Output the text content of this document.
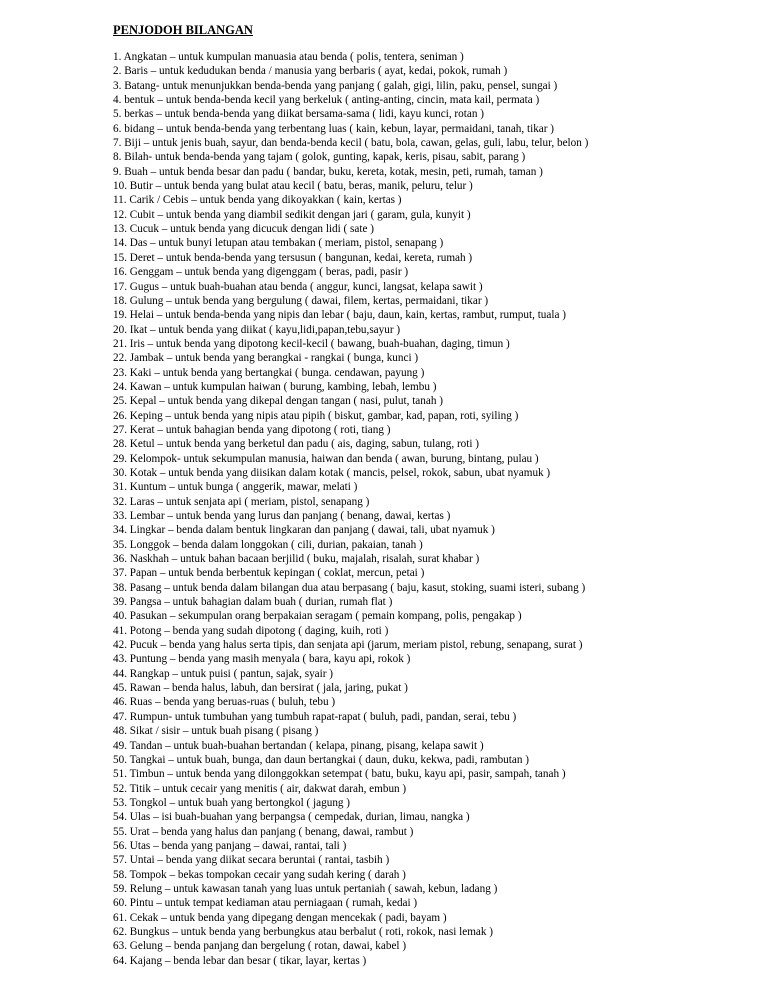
PENJODOH BILANGAN
1. Angkatan – untuk kumpulan manuasia atau benda ( polis, tentera, seniman )
2. Baris – untuk kedudukan benda / manusia yang berbaris ( ayat, kedai, pokok, rumah )
3. Batang- untuk menunjukkan benda-benda yang panjang ( galah, gigi, lilin, paku, pensel, sungai )
4. bentuk – untuk benda-benda kecil yang berkeluk ( anting-anting, cincin, mata kail, permata )
5. berkas – untuk benda-benda yang diikat bersama-sama ( lidi, kayu kunci, rotan )
6. bidang – untuk benda-benda yang terbentang luas ( kain, kebun, layar, permaidani, tanah, tikar )
7. Biji – untuk jenis buah, sayur, dan benda-benda kecil ( batu, bola, cawan, gelas, guli, labu, telur, belon )
8. Bilah- untuk benda-benda yang tajam ( golok, gunting, kapak, keris, pisau, sabit, parang )
9. Buah – untuk benda besar dan padu ( bandar, buku, kereta, kotak, mesin, peti, rumah, taman )
10. Butir – untuk benda yang bulat atau kecil ( batu, beras, manik, peluru, telur )
11. Carik / Cebis – untuk benda yang dikoyakkan ( kain, kertas )
12. Cubit – untuk benda yang diambil sedikit dengan jari ( garam, gula, kunyit )
13. Cucuk – untuk benda yang dicucuk dengan lidi ( sate )
14. Das – untuk bunyi letupan atau tembakan ( meriam, pistol, senapang )
15. Deret – untuk benda-benda yang tersusun ( bangunan, kedai, kereta, rumah )
16. Genggam – untuk benda yang digenggam ( beras, padi, pasir )
17. Gugus – untuk buah-buahan atau benda ( anggur, kunci, langsat, kelapa sawit )
18. Gulung – untuk benda yang bergulung ( dawai, filem, kertas, permaidani, tikar )
19. Helai – untuk benda-benda yang nipis dan lebar ( baju, daun, kain, kertas, rambut, rumput, tuala )
20. Ikat – untuk benda yang diikat ( kayu,lidi,papan,tebu,sayur )
21. Iris – untuk benda yang dipotong kecil-kecil ( bawang, buah-buahan, daging, timun )
22. Jambak – untuk benda yang berangkai - rangkai ( bunga, kunci )
23. Kaki – untuk benda yang bertangkai ( bunga. cendawan, payung )
24. Kawan – untuk kumpulan haiwan ( burung, kambing, lebah, lembu )
25. Kepal – untuk benda yang dikepal dengan tangan ( nasi, pulut, tanah )
26. Keping – untuk benda yang nipis atau pipih ( biskut, gambar, kad, papan, roti, syiling )
27. Kerat – untuk bahagian benda yang dipotong ( roti, tiang )
28. Ketul – untuk benda yang berketul dan padu ( ais, daging, sabun, tulang, roti )
29. Kelompok- untuk sekumpulan manusia, haiwan dan benda ( awan, burung, bintang, pulau )
30. Kotak – untuk benda yang diisikan dalam kotak ( mancis, pelsel, rokok, sabun, ubat nyamuk )
31. Kuntum – untuk bunga ( anggerik, mawar, melati )
32. Laras – untuk senjata api ( meriam, pistol, senapang )
33. Lembar – untuk benda yang lurus dan panjang ( benang, dawai, kertas )
34. Lingkar – benda dalam bentuk lingkaran dan panjang ( dawai, tali, ubat nyamuk )
35. Longgok – benda dalam longgokan ( cili, durian, pakaian, tanah )
36. Naskhah – untuk bahan bacaan berjilid ( buku, majalah, risalah, surat khabar )
37. Papan – untuk benda berbentuk kepingan ( coklat, mercun, petai )
38. Pasang – untuk benda dalam bilangan dua atau berpasang ( baju, kasut, stoking, suami isteri, subang )
39. Pangsa – untuk bahagian dalam buah ( durian, rumah flat )
40. Pasukan – sekumpulan orang berpakaian seragam ( pemain kompang, polis, pengakap )
41. Potong – benda yang sudah dipotong ( daging, kuih, roti )
42. Pucuk – benda yang halus serta tipis, dan senjata api (jarum, meriam pistol, rebung, senapang, surat )
43. Puntung – benda yang masih menyala ( bara, kayu api, rokok )
44. Rangkap – untuk puisi ( pantun, sajak, syair )
45. Rawan – benda halus, labuh, dan bersirat ( jala, jaring, pukat )
46. Ruas – benda yang beruas-ruas ( buluh, tebu )
47. Rumpun- untuk tumbuhan yang tumbuh rapat-rapat ( buluh, padi, pandan, serai, tebu )
48. Sikat / sisir – untuk buah pisang ( pisang )
49. Tandan – untuk buah-buahan bertandan ( kelapa, pinang, pisang, kelapa sawit )
50. Tangkai – untuk buah, bunga, dan daun bertangkai ( daun, duku, kekwa, padi, rambutan )
51. Timbun – untuk benda yang dilonggokkan setempat ( batu, buku, kayu api, pasir, sampah, tanah )
52. Titik – untuk cecair yang menitis ( air, dakwat darah, embun )
53. Tongkol – untuk buah yang bertongkol ( jagung )
54. Ulas – isi buah-buahan yang berpangsa ( cempedak, durian, limau, nangka )
55. Urat – benda yang halus dan panjang ( benang, dawai, rambut )
56. Utas – benda yang panjang – dawai, rantai, tali )
57. Untai – benda yang diikat secara beruntai ( rantai, tasbih )
58. Tompok – bekas tompokan cecair yang sudah kering ( darah )
59. Relung – untuk kawasan tanah yang luas untuk pertaniah ( sawah, kebun, ladang )
60. Pintu – untuk tempat kediaman atau perniagaan ( rumah, kedai )
61. Cekak – untuk benda yang dipegang dengan mencekak ( padi, bayam )
62. Bungkus – untuk benda yang berbungkus atau berbalut ( roti, rokok, nasi lemak )
63. Gelung – benda panjang dan bergelung ( rotan, dawai, kabel )
64. Kajang – benda lebar dan besar ( tikar, layar, kertas )
